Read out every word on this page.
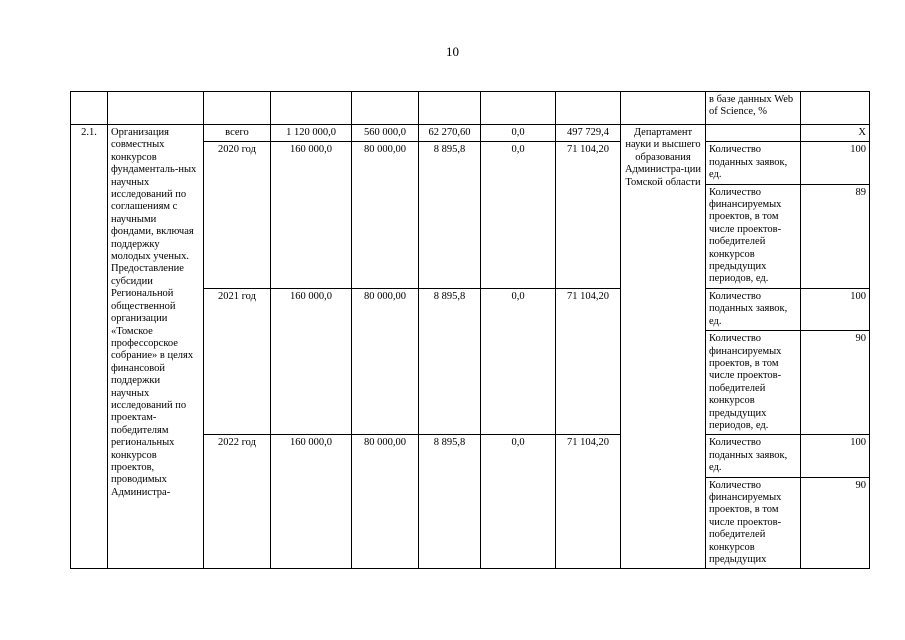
10
									в базе данных Web of Science, %	
2.1.	Организация совместных конкурсов фундаменталь-ных научных исследований по соглашениям с научными фондами, включая поддержку молодых ученых. Предоставление субсидии Региональной общественной организации «Томское профессорское собрание» в целях финансовой поддержки научных исследований по проектам-победителям региональных конкурсов проектов, проводимых Администра-	всего	1 120 000,0	560 000,0	62 270,60	0,0	497 729,4	Департамент науки и высшего образования Администра-ции Томской области		Х
		2020 год	160 000,0	80 000,00	8 895,8	0,0	71 104,20		Количество поданных заявок, ед.	100
									Количество финансируемых проектов, в том числе проектов-победителей конкурсов предыдущих периодов, ед.	89
		2021 год	160 000,0	80 000,00	8 895,8	0,0	71 104,20		Количество поданных заявок, ед.	100
									Количество финансируемых проектов, в том числе проектов-победителей конкурсов предыдущих периодов, ед.	90
		2022 год	160 000,0	80 000,00	8 895,8	0,0	71 104,20		Количество поданных заявок, ед.	100
									Количество финансируемых проектов, в том числе проектов-победителей конкурсов предыдущих	90
